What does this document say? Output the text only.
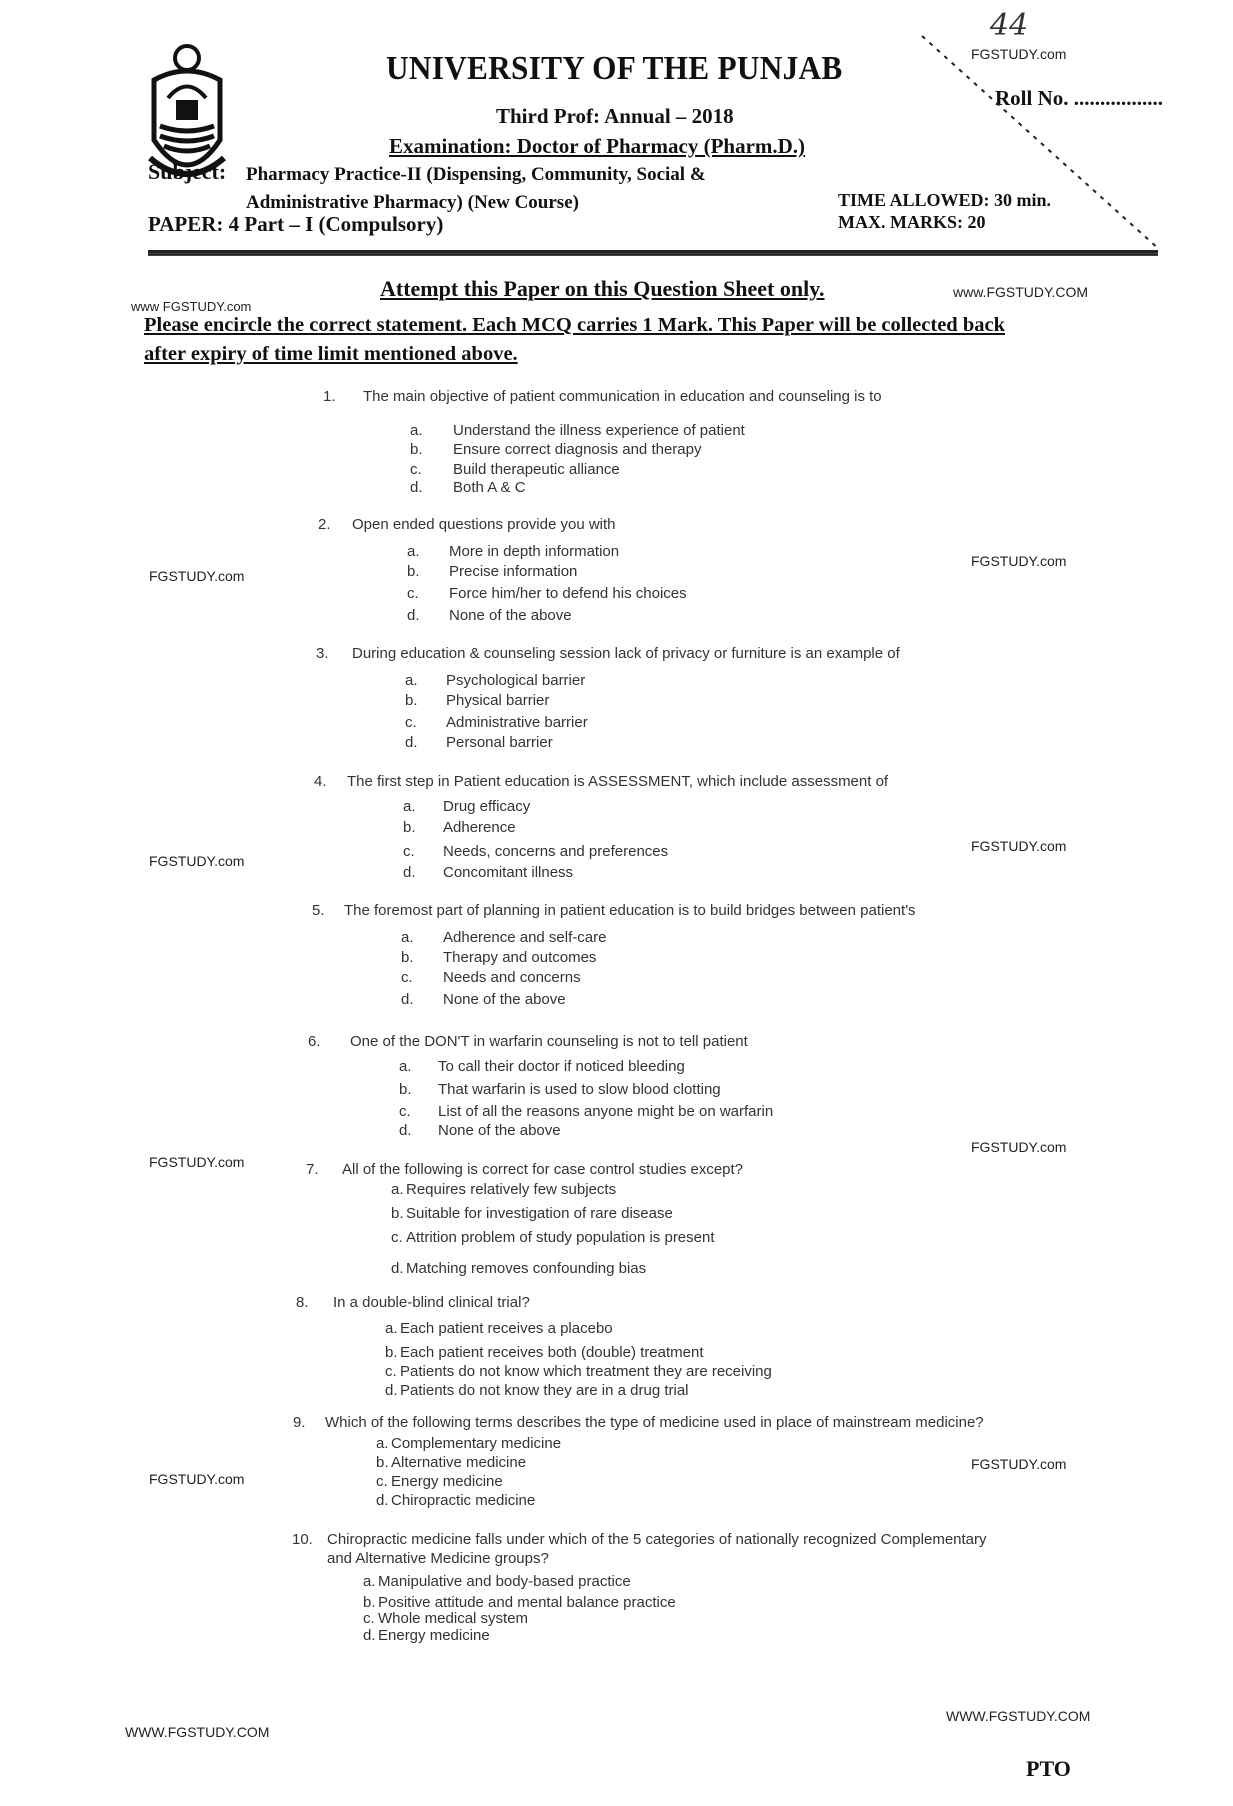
44
UNIVERSITY OF THE PUNJAB	FGSTUDY.com
Roll No. .................
Third Prof: Annual – 2018
Examination: Doctor of Pharmacy (Pharm.D.)
Subject: Pharmacy Practice-II (Dispensing, Community, Social &
Administrative Pharmacy) (New Course)
PAPER: 4 Part – I (Compulsory)
TIME ALLOWED: 30 min.
MAX. MARKS: 20
Attempt this Paper on this Question Sheet only.	www.FGSTUDY.COM
www FGSTUDY.com
Please encircle the correct statement. Each MCQ carries 1 Mark. This Paper will be collected back
after expiry of time limit mentioned above.
1. The main objective of patient communication in education and counseling is to
a. Understand the illness experience of patient
b. Ensure correct diagnosis and therapy
c. Build therapeutic alliance
d. Both A & C
2. Open ended questions provide you with
a. More in depth information
b. Precise information
c. Force him/her to defend his choices
d. None of the above
3. During education & counseling session lack of privacy or furniture is an example of
a. Psychological barrier
b. Physical barrier
c. Administrative barrier
d. Personal barrier
4. The first step in Patient education is ASSESSMENT, which include assessment of
a. Drug efficacy
b. Adherence
c. Needs, concerns and preferences
d. Concomitant illness
5. The foremost part of planning in patient education is to build bridges between patient's
a. Adherence and self-care
b. Therapy and outcomes
c. Needs and concerns
d. None of the above
6. One of the DON'T in warfarin counseling is not to tell patient
a. To call their doctor if noticed bleeding
b. That warfarin is used to slow blood clotting
c. List of all the reasons anyone might be on warfarin
d. None of the above
7. All of the following is correct for case control studies except?
a. Requires relatively few subjects
b. Suitable for investigation of rare disease
c. Attrition problem of study population is present
d. Matching removes confounding bias
8. In a double-blind clinical trial?
a. Each patient receives a placebo
b. Each patient receives both (double) treatment
c. Patients do not know which treatment they are receiving
d. Patients do not know they are in a drug trial
9. Which of the following terms describes the type of medicine used in place of mainstream medicine?
a. Complementary medicine
b. Alternative medicine
c. Energy medicine
d. Chiropractic medicine
10. Chiropractic medicine falls under which of the 5 categories of nationally recognized Complementary
and Alternative Medicine groups?
a. Manipulative and body-based practice
b. Positive attitude and mental balance practice
c. Whole medical system
d. Energy medicine
FGSTUDY.com
FGSTUDY.com
FGSTUDY.com
FGSTUDY.com
FGSTUDY.com
FGSTUDY.com
FGSTUDY.com
FGSTUDY.com
WWW.FGSTUDY.COM
WWW.FGSTUDY.COM
PTO
